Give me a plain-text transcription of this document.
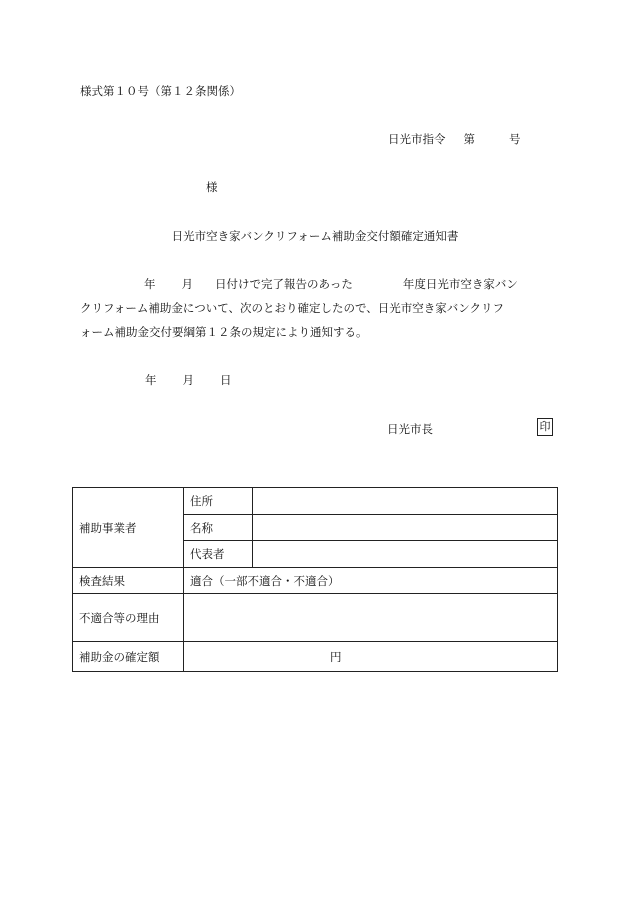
様式第１０号（第１２条関係）
日光市指令 第	号
様
日光市空き家バンクリフォーム補助金交付額確定通知書
年 月 日付けで完了報告のあった	年度日光市空き家バン
クリフォーム補助金について、次のとおり確定したので、日光市空き家バンクリフ
ォーム補助金交付要綱第１２条の規定により通知する。
年 月 日
日光市長	印
補助事業者	住所	
	名称	
	代表者	
検査結果	適合（一部不適合・不適合）	
不適合等の理由		
補助金の確定額	円	
